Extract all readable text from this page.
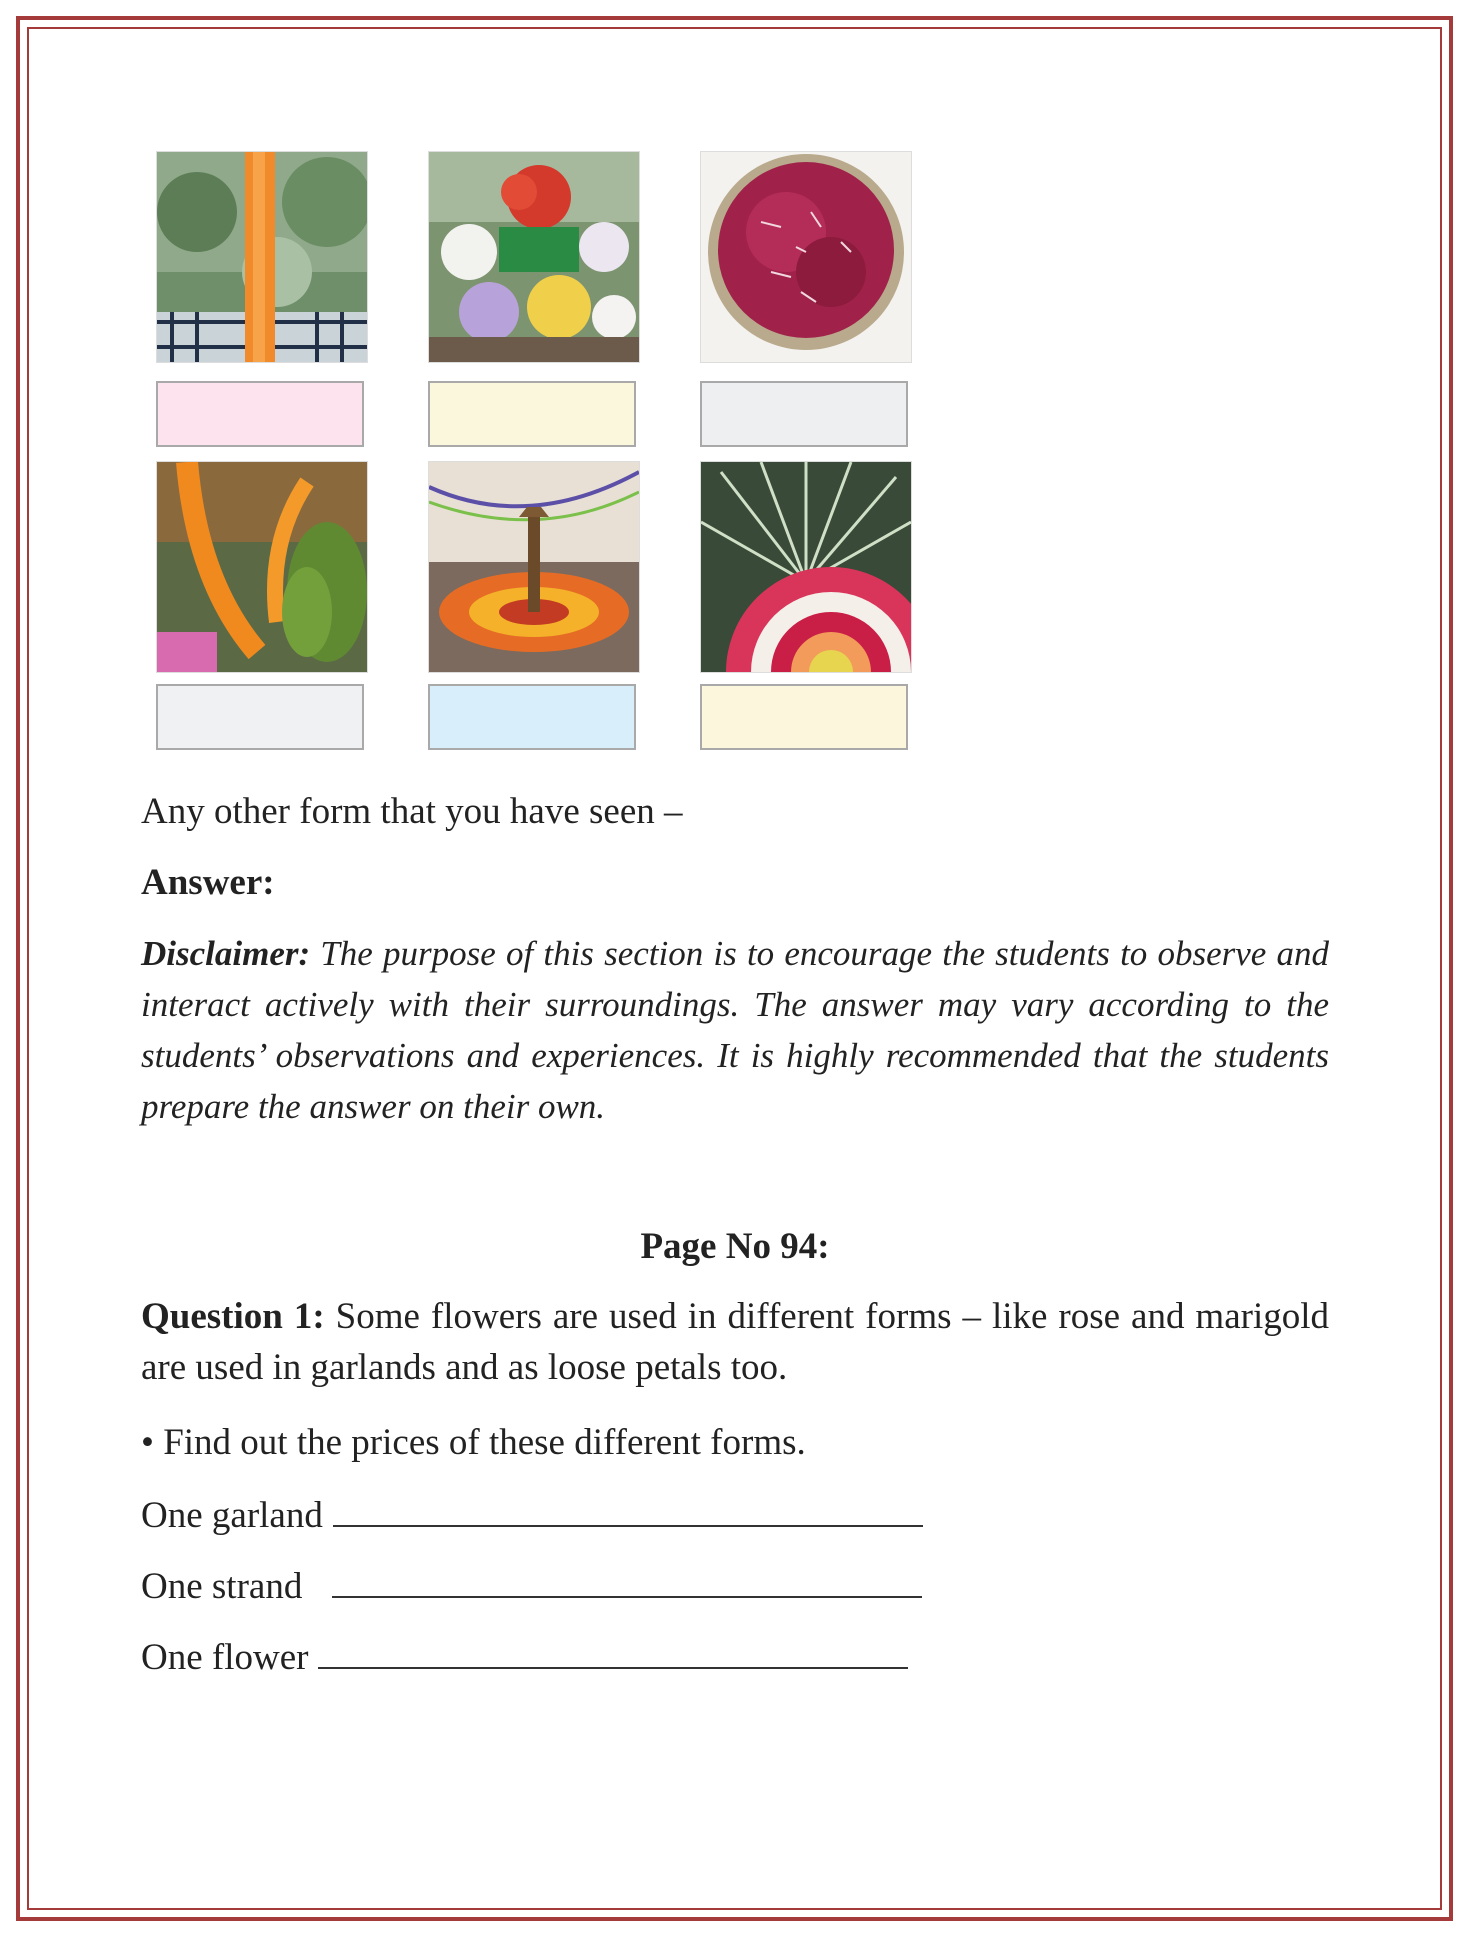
Any other form that you have seen –
Answer:
Disclaimer: The purpose of this section is to encourage the students to observe and interact actively with their surroundings. The answer may vary according to the students’ observations and experiences. It is highly recommended that the students prepare the answer on their own.
Page No 94:
Question 1: Some flowers are used in different forms – like rose and marigold are used in garlands and as loose petals too.
• Find out the prices of these different forms.
One garland
One strand
One flower
